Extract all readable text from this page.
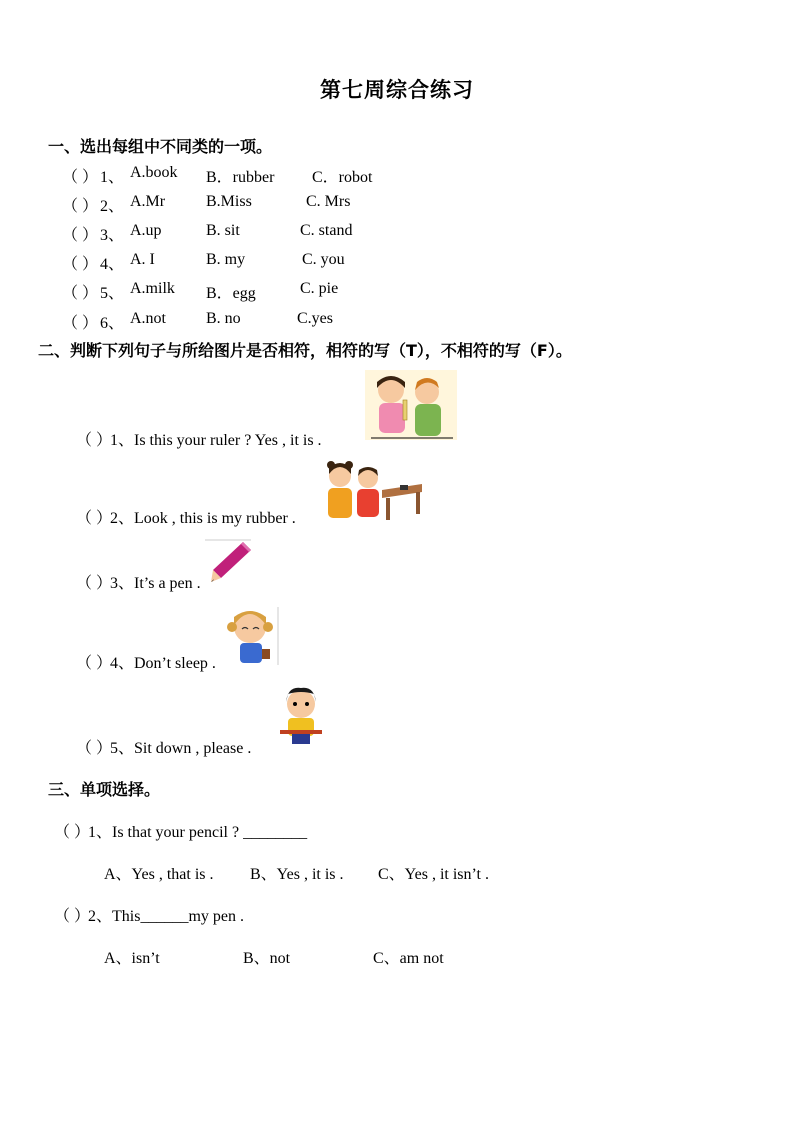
第七周综合练习
一、选出每组中不同类的一项。
（ ） 1、 A.book B．rubber C．robot
（ ） 2、 A.Mr	B.Miss	C. Mrs
（ ） 3、 A.up	B. sit	C. stand
（ ） 4、 A. I	B. my	C. you
（ ） 5、 A.milk B．egg	C. pie
（ ） 6、 A.not	B. no	C.yes
二、判断下列句子与所给图片是否相符，相符的写（T），不相符的写（F）。
（ ）1、Is this your ruler ? Yes , it is .
（ ）2、Look , this is my rubber .
（ ）3、It’s a pen .
（ ）4、Don’t sleep .
（ ）5、Sit down , please .
三、单项选择。
（ ）1、Is that your pencil ? ________
A、Yes , that is . B、Yes , it is . C、Yes , it isn’t .
（ ）2、This______my pen .
A、isn’t	B、not	C、am not
